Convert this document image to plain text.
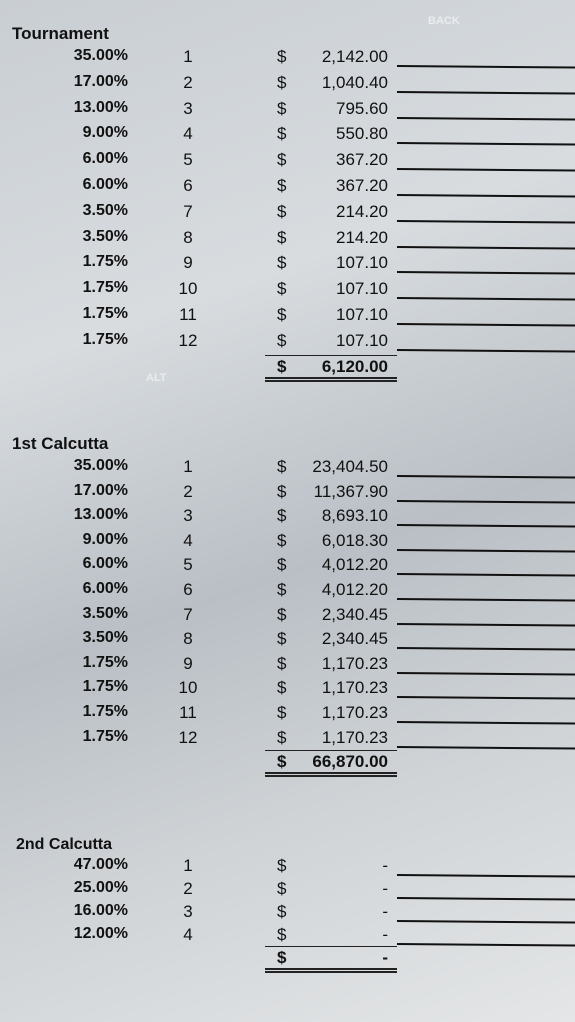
BACK
ALT
Tournament
35.00%	1	$ 2,142.00
17.00%	2	$ 1,040.40
13.00%	3	$	795.60
9.00%	4	$	550.80
6.00%	5	$	367.20
6.00%	6	$	367.20
3.50%	7	$	214.20
3.50%	8	$	214.20
1.75%	9	$	107.10
1.75%	10	$	107.10
1.75%	11	$	107.10
1.75%	12	$	107.10
$ 6,120.00
1st Calcutta
35.00%	1	$ 23,404.50
17.00%	2	$ 11,367.90
13.00%	3	$ 8,693.10
9.00%	4	$ 6,018.30
6.00%	5	$ 4,012.20
6.00%	6	$ 4,012.20
3.50%	7	$ 2,340.45
3.50%	8	$ 2,340.45
1.75%	9	$ 1,170.23
1.75%	10	$ 1,170.23
1.75%	11	$ 1,170.23
1.75%	12	$ 1,170.23
$ 66,870.00
2nd Calcutta
47.00%	1	$	-
25.00%	2	$	-
16.00%	3	$	-
12.00%	4	$	-
$	-
